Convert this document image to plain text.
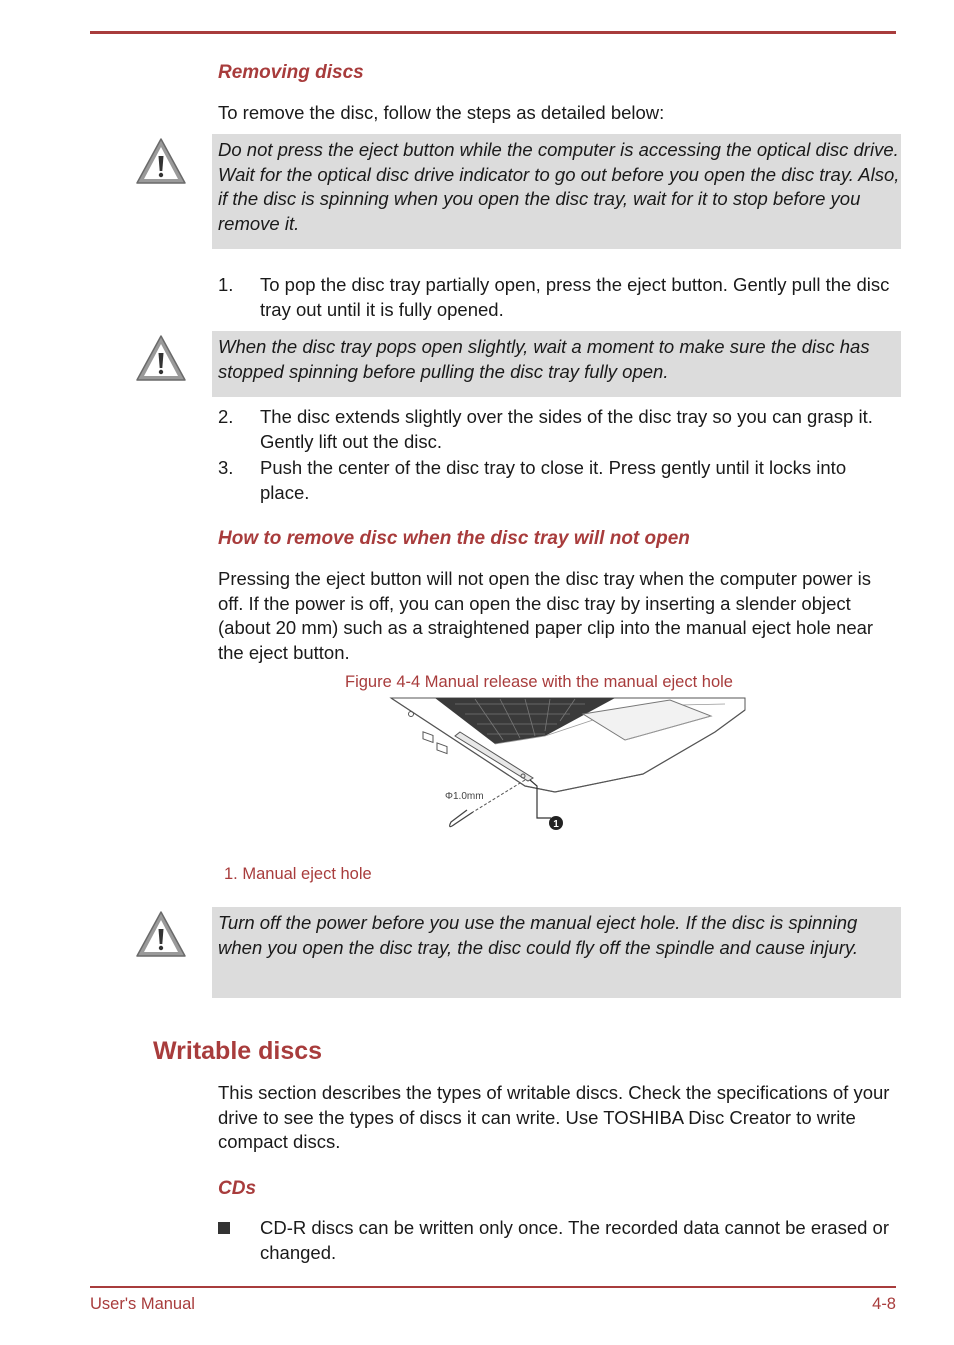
Removing discs
To remove the disc, follow the steps as detailed below:
Do not press the eject button while the computer is accessing the optical disc drive. Wait for the optical disc drive indicator to go out before you open the disc tray. Also, if the disc is spinning when you open the disc tray, wait for it to stop before you remove it.
1. To pop the disc tray partially open, press the eject button. Gently pull the disc tray out until it is fully opened.
When the disc tray pops open slightly, wait a moment to make sure the disc has stopped spinning before pulling the disc tray fully open.
2. The disc extends slightly over the sides of the disc tray so you can grasp it. Gently lift out the disc.
3. Push the center of the disc tray to close it. Press gently until it locks into place.
How to remove disc when the disc tray will not open
Pressing the eject button will not open the disc tray when the computer power is off. If the power is off, you can open the disc tray by inserting a slender object (about 20 mm) such as a straightened paper clip into the manual eject hole near the eject button.
Figure 4-4 Manual release with the manual eject hole
1
Φ1.0mm
1. Manual eject hole
Turn off the power before you use the manual eject hole. If the disc is spinning when you open the disc tray, the disc could fly off the spindle and cause injury.
Writable discs
This section describes the types of writable discs. Check the specifications of your drive to see the types of discs it can write. Use TOSHIBA Disc Creator to write compact discs.
CDs
CD-R discs can be written only once. The recorded data cannot be erased or changed.
User's Manual	4-8
